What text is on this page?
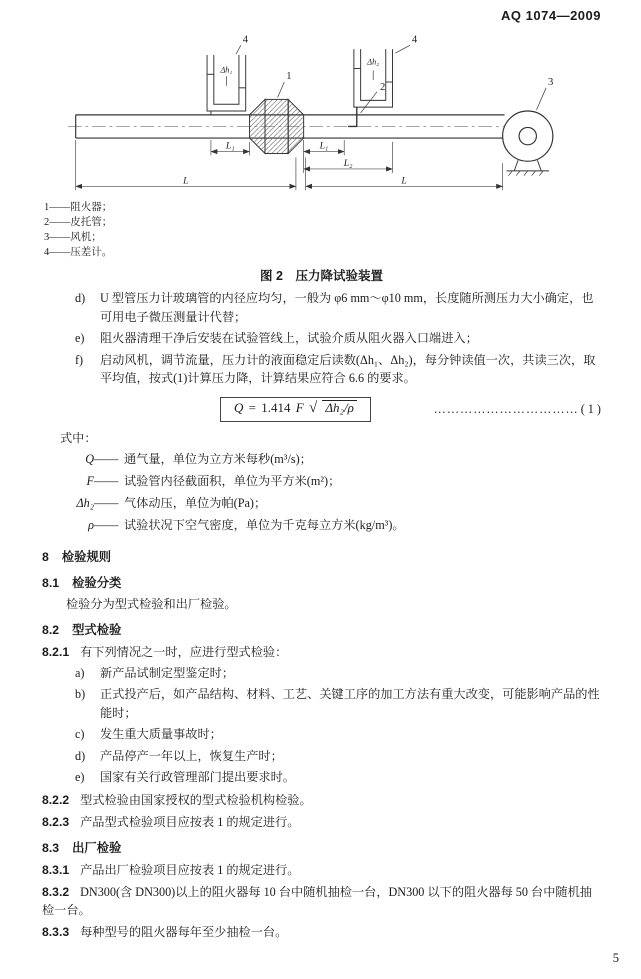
AQ 1074—2009
1
Δh₁
4
Δh₂
2
4
3
L₁	L₁
L₂
L	L
1——阻火器；
2——皮托管；
3——风机；
4——压差计。
图 2　压力降试验装置
d)	U 型管压力计玻璃管的内径应均匀，一般为 φ6 mm～φ10 mm，长度随所测压力大小确定，也可用电子微压测量计代替；
e)	阻火器清理干净后安装在试验管线上，试验介质从阻火器入口端进入；
f)	启动风机，调节流量，压力计的液面稳定后读数(Δh₁、Δh₂)，每分钟读值一次，共读三次，取平均值，按式(1)计算压力降，计算结果应符合 6.6 的要求。
Q = 1.414 F √ Δh₂/ρ	…………………………… ( 1 )
式中：
Q —— 通气量，单位为立方米每秒(m³/s)；
F —— 试验管内径截面积，单位为平方米(m²)；
Δh₂ —— 气体动压，单位为帕(Pa)；
ρ —— 试验状况下空气密度，单位为千克每立方米(kg/m³)。
8 检验规则
8.1 检验分类

检验分为型式检验和出厂检验。

8.2 型式检验

8.2.1 有下列情况之一时，应进行型式检验：

a)	新产品试制定型鉴定时；
b)	正式投产后，如产品结构、材料、工艺、关键工序的加工方法有重大改变，可能影响产品的性能时；
c)	发生重大质量事故时；
d)	产品停产一年以上，恢复生产时；
e)	国家有关行政管理部门提出要求时。

8.2.2 型式检验由国家授权的型式检验机构检验。

8.2.3 产品型式检验项目应按表 1 的规定进行。

8.3 出厂检验

8.3.1 产品出厂检验项目应按表 1 的规定进行。

8.3.2 DN300(含 DN300)以上的阻火器每 10 台中随机抽检一台，DN300 以下的阻火器每 50 台中随机抽检一台。

8.3.3 每种型号的阻火器每年至少抽检一台。

5
